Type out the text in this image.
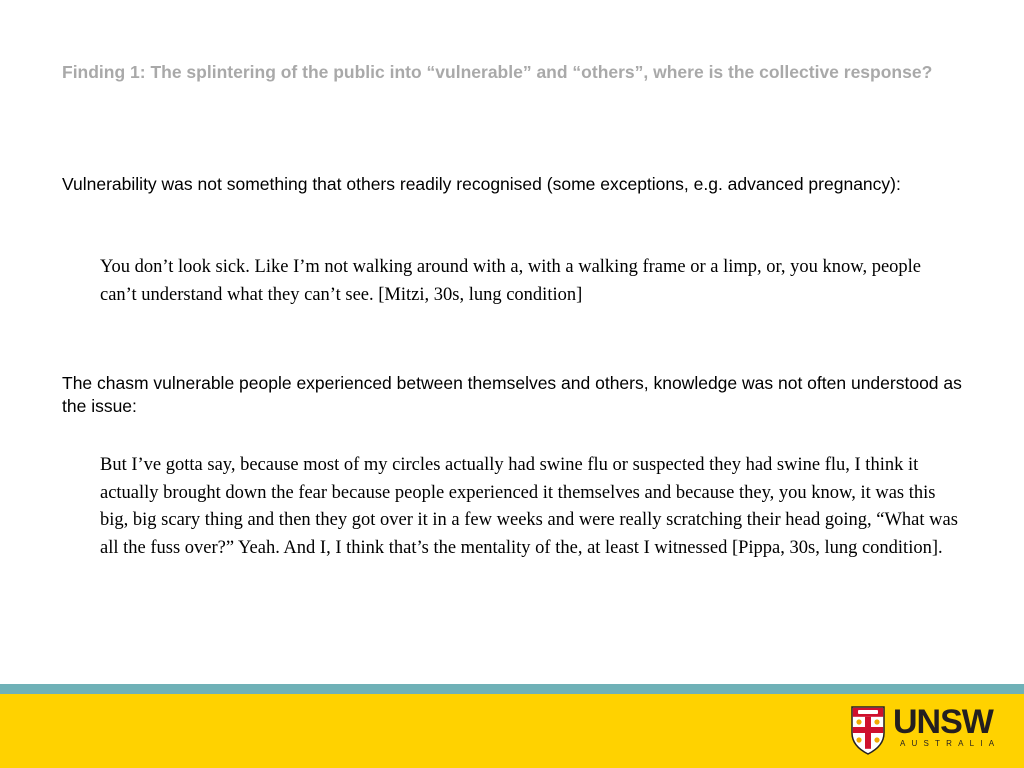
Finding 1: The splintering of the public into “vulnerable” and “others”, where is the collective response?
Vulnerability was not something that others readily recognised (some exceptions, e.g. advanced pregnancy):
You don’t look sick. Like I’m not walking around with a, with a walking frame or a limp, or, you know, people can’t understand what they can’t see. [Mitzi, 30s, lung condition]
The chasm vulnerable people experienced between themselves and others, knowledge was not often understood as the issue:
But I’ve gotta say, because most of my circles actually had swine flu or suspected they had swine flu, I think it actually brought down the fear because people experienced it themselves and because they, you know, it was this big, big scary thing and then they got over it in a few weeks and were really scratching their head going, “What was all the fuss over?” Yeah. And I, I think that’s the mentality of the, at least I witnessed [Pippa, 30s, lung condition].
UNSW
AUSTRALIA
